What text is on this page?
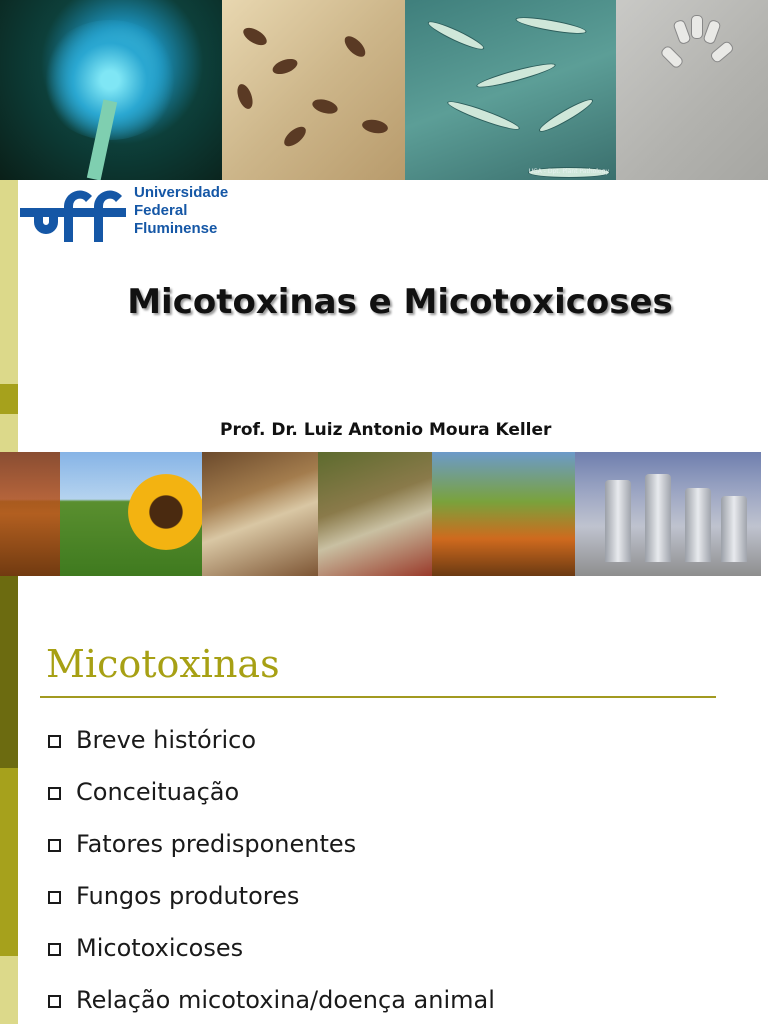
UGA - Dpt. Plant Pathology
Universidade
Federal
Fluminense
Micotoxinas e Micotoxicoses
Prof. Dr. Luiz Antonio Moura Keller
Micotoxinas
Breve histórico
Conceituação
Fatores predisponentes
Fungos produtores
Micotoxicoses
Relação micotoxina/doença animal
